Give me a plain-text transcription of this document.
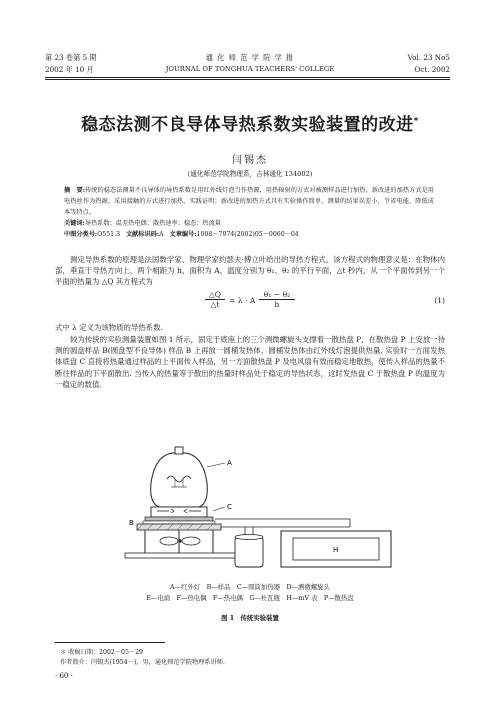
第 23 卷第 5 期
2002 年 10 月
通 化 师 范 学 院 学 报
JOURNAL OF TONGHUA TEACHERS' COLLEGE
Vol. 23 No5
Oct. 2002
稳态法测不良导体导热系数实验装置的改进*
闫锡杰
(通化师范学院物理系，吉林通化 134002)
摘　要:传统的稳态法测量不良导体的导热系数是用红外线灯泡当作热源，用热辐射的方式对被测样品进行加热，新改进的加热方式是用电热丝作为热源，采用接触的方式进行加热，实践证明；新改进的加热方式具有实验操作简单，测量的结果误差小，节省电能，降低成本等特点。
关键词:导热系数；温差热电偶；散热速率；稳态；热流量
中图分类号:O551.3 文献标识码:A 文章编号:1008－7974(2002)05－0060－04
测定导热系数的原理是法国数学家、物理学家约瑟夫·傅立叶给出的导热方程式，该方程式的物理意义是：在物体内部，垂直于导热方向上，两个相距为 h，面积为 A，温度分别为 θ₁、θ₂ 的平行平面，△t 秒内，从一个平面传到另一个平面的热量为 △Q 其方程式为
△Q
△t	= λ · A
θ₁ − θ₂
h	(1)
式中 λ 定义为该物质的导热系数.
较为传统的实验测量装置如图 1 所示，固定于底座上的三个测微螺旋头支撑着一散热盘 P，在散热盘 P 上安放一待测的圆盘样品 B(圆盘型不良导体) 样品 B 上再放一圆桶发热体，圆桶发热体由红外线灯泡提供热量. 实验时一方面发热体底盘 C 直接将热量通过样品的上平面传入样品，另一方面散热盘 P 及电风扇有效而稳定地散热，使传入样品的热量不断往样品的下平面散出. 当传入的热量等于散出的热量时样品处于稳定的导热状态，这时发热盘 C 于散热盘 P 的温度为一稳定的数值.
A
C
B
H
A—红外灯　B—样品　C—圆筒加热器　D—测微螺旋头
E—电扇　F—热电偶　F—热电偶　G—杜瓦瓶　H—mV 表　P—散热盘
图 1　传统实验装置
＊ 收稿日期：2002－05－29
作者简介：闫锡杰(1954－)，男，通化师范学院物理系讲师.
· 60 ·
